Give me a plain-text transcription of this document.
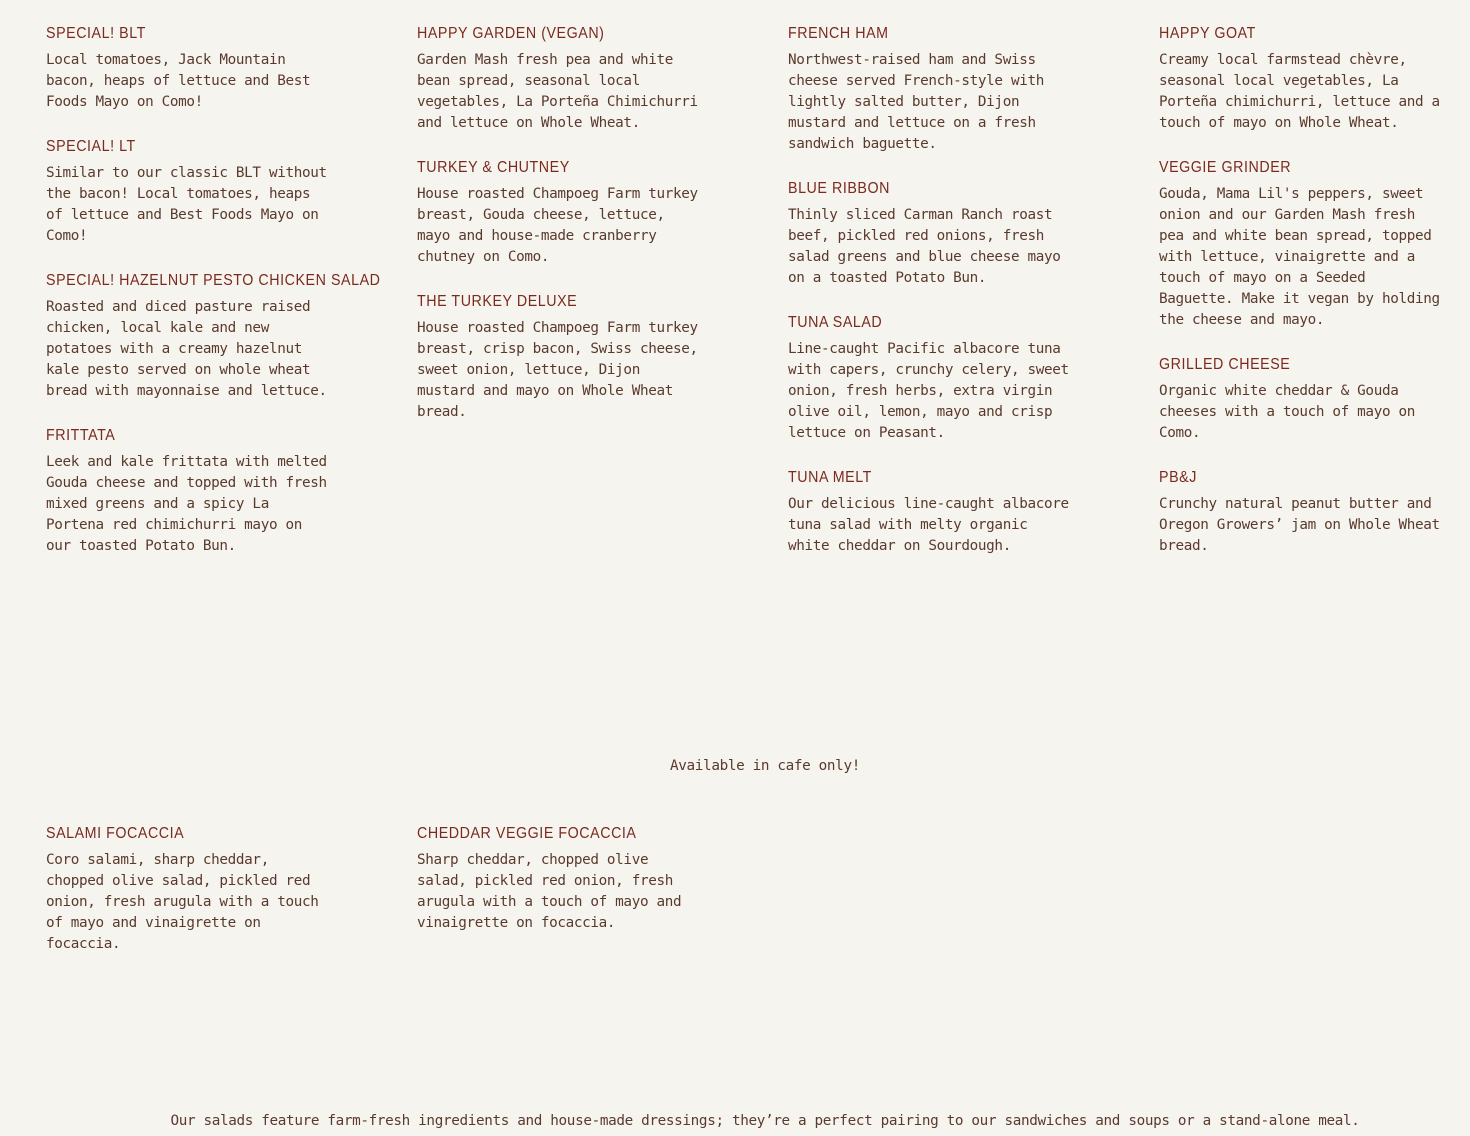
SPECIAL! BLT

Local tomatoes, Jack Mountain bacon, heaps of lettuce and Best Foods Mayo on Como!

SPECIAL! LT

Similar to our classic BLT without the bacon! Local tomatoes, heaps of lettuce and Best Foods Mayo on Como!

SPECIAL! HAZELNUT PESTO CHICKEN SALAD

Roasted and diced pasture raised chicken, local kale and new potatoes with a creamy hazelnut kale pesto served on whole wheat bread with mayonnaise and lettuce.

FRITTATA

Leek and kale frittata with melted Gouda cheese and topped with fresh mixed greens and a spicy La Portena red chimichurri mayo on our toasted Potato Bun.

HAPPY GARDEN (VEGAN)

Garden Mash fresh pea and white bean spread, seasonal local vegetables, La Porteña Chimichurri and lettuce on Whole Wheat.

TURKEY & CHUTNEY

House roasted Champoeg Farm turkey breast, Gouda cheese, lettuce, mayo and house-made cranberry chutney on Como.

THE TURKEY DELUXE

House roasted Champoeg Farm turkey breast, crisp bacon, Swiss cheese, sweet onion, lettuce, Dijon mustard and mayo on Whole Wheat bread.

FRENCH HAM

Northwest-raised ham and Swiss cheese served French-style with lightly salted butter, Dijon mustard and lettuce on a fresh sandwich baguette.

BLUE RIBBON

Thinly sliced Carman Ranch roast beef, pickled red onions, fresh salad greens and blue cheese mayo on a toasted Potato Bun.

TUNA SALAD

Line-caught Pacific albacore tuna with capers, crunchy celery, sweet onion, fresh herbs, extra virgin olive oil, lemon, mayo and crisp lettuce on Peasant.

TUNA MELT

Our delicious line-caught albacore tuna salad with melty organic white cheddar on Sourdough.

HAPPY GOAT

Creamy local farmstead chèvre, seasonal local vegetables, La Porteña chimichurri, lettuce and a touch of mayo on Whole Wheat.

VEGGIE GRINDER

Gouda, Mama Lil's peppers, sweet onion and our Garden Mash fresh pea and white bean spread, topped with lettuce, vinaigrette and a touch of mayo on a Seeded Baguette. Make it vegan by holding the cheese and mayo.

GRILLED CHEESE

Organic white cheddar & Gouda cheeses with a touch of mayo on Como.

PB&J

Crunchy natural peanut butter and Oregon Growers’ jam on Whole Wheat bread.

Available in cafe only!
SALAMI FOCACCIA

Coro salami, sharp cheddar, chopped olive salad, pickled red onion, fresh arugula with a touch of mayo and vinaigrette on focaccia.

CHEDDAR VEGGIE FOCACCIA

Sharp cheddar, chopped olive salad, pickled red onion, fresh arugula with a touch of mayo and vinaigrette on focaccia.

Our salads feature farm-fresh ingredients and house-made dressings; they’re a perfect pairing to our sandwiches and soups or a stand-alone meal.
